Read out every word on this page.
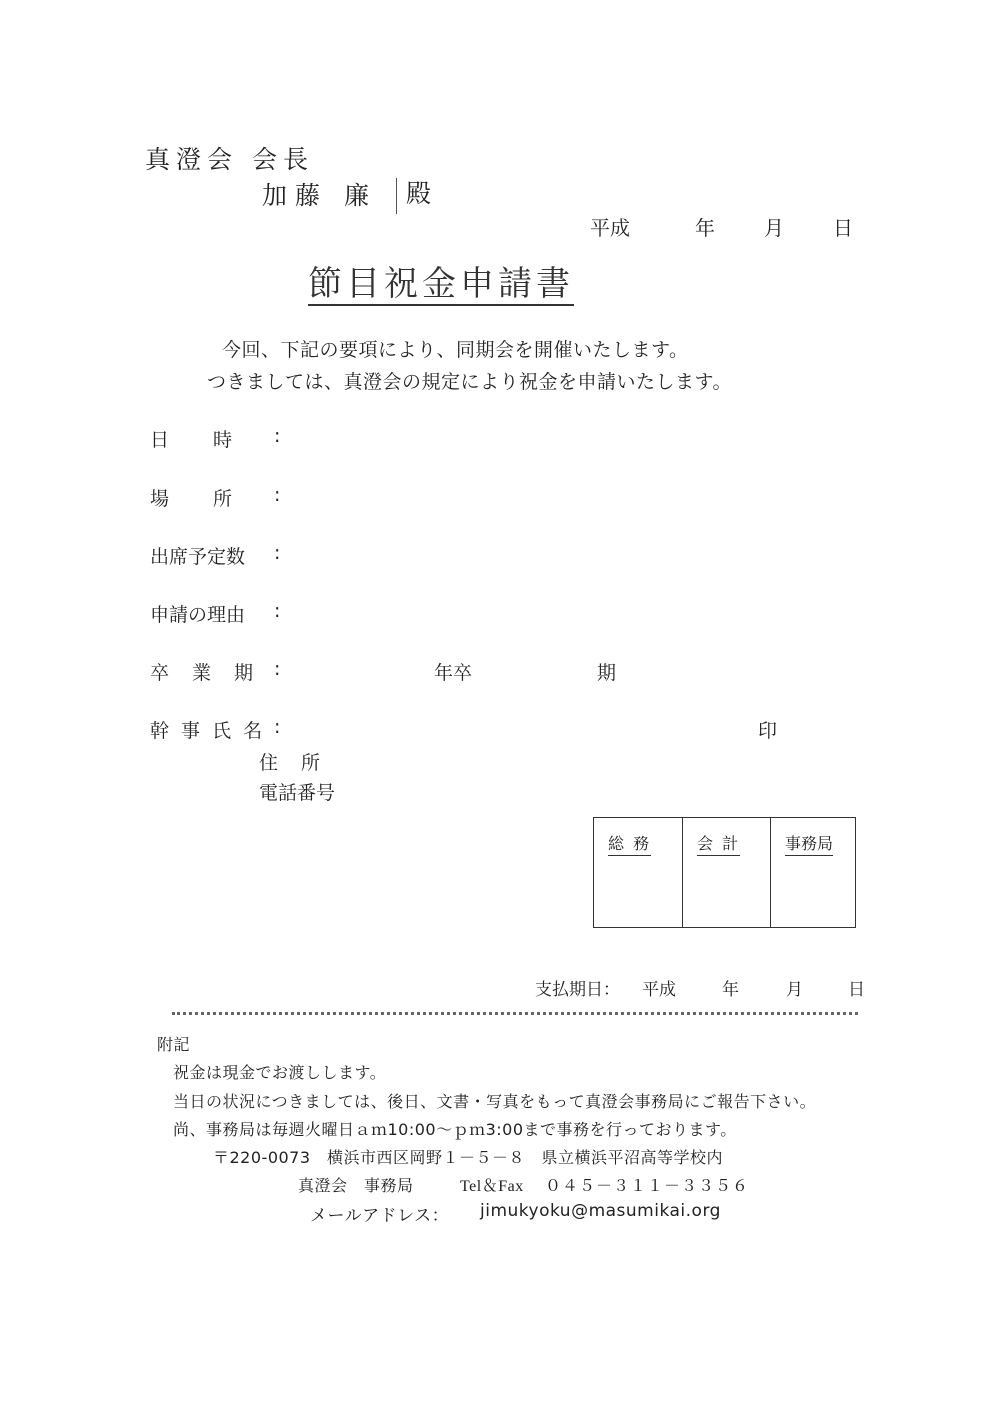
真澄会 会長
加藤 廉 殿
平成	年 月 日
節目祝金申請書
今回、下記の要項により、同期会を開催いたします。
つきましては、真澄会の規定により祝金を申請いたします。
日　　時 :
場　　所 :
出席予定数 :
申請の理由 :
卒　業　期 :	年卒	期
幹 事 氏 名 :	印
住　所
電話番号
総 務	会 計	事務局
支払期日： 平成	年	月	日
附記
祝金は現金でお渡しします。
当日の状況につきましては、後日、文書・写真をもって真澄会事務局にご報告下さい。
尚、事務局は毎週火曜日ａｍ10:00～ｐｍ3:00まで事務を行っております。
〒220-0073　横浜市西区岡野１－５－８　県立横浜平沼高等学校内
真澄会　事務局	Tel＆Fax ０４５－３１１－３３５６
メールアドレス： jimukyoku@masumikai.org
